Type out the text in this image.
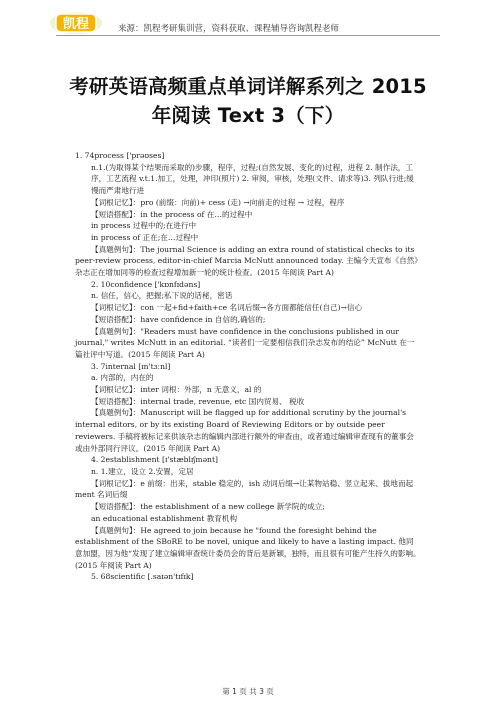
凯程	来源：凯程考研集训营，资料获取、课程辅导咨询凯程老师
考研英语高频重点单词详解系列之 2015
年阅读 Text 3（下）

1. 74process ['prəʊses]

n.1.(为取得某个结果而采取的)步骤，程序，过程;(自然发展、变化的)过程，进程 2. 制作法，工序，工艺流程 v.t.1.加工，处理，冲印(照片) 2. 审阅，审核，处理(文件、请求等)3. 列队行进;缓慢而严肃地行进

【词根记忆】：pro (前缀：向前)+ cess (走) →向前走的过程 → 过程，程序

【短语搭配】：in the process of 在…的过程中

in process 过程中的;在进行中

in process of 正在;在…过程中

【真题例句】：The journal Science is adding an extra round of statistical checks to its peer-review process, editor-in-chief Marcia McNutt announced today. 主编今天宣布《自然》杂志正在增加同等的检查过程增加新一轮的统计检查。(2015 年阅读 Part A)

2. 10confidence ['kɒnfɪdəns]

n. 信任，信心，把握;私下说的话秘，密话

【词根记忆】：con 一起+fid+faith+ce 名词后缀→各方面都能信任(自己)→信心

【短语搭配】：have confidence in 自信的,确信的;

【真题例句】："Readers must have confidence in the conclusions published in our journal," writes McNutt in an editorial. “读者们一定要相信我们杂志发布的结论” McNutt 在一篇社评中写道。(2015 年阅读 Part A)

3. 7internal [ɪn'tɜːnl]

a. 内部的，内在的

【词根记忆】：inter 词根：外部，n 无意义，al 的

【短语搭配】：internal trade, revenue, etc 国内贸易、 税收

【真题例句】：Manuscript will be flagged up for additional scrutiny by the journal's internal editors, or by its existing Board of Reviewing Editors or by outside peer reviewers. 手稿将被标记来供该杂志的编辑内部进行额外的审查由，或者通过编辑审查现有的董事会或由外部同行评议。(2015 年阅读 Part A)

4. 2establishment [ɪ'stæblɪʃmənt]

n. 1.建立，设立 2.安置，定居

【词根记忆】：e 前缀：出来，stable 稳定的，ish 动词后缀→让某物站稳、竖立起来、拔地而起 ment 名词后缀

【短语搭配】：the establishment of a new college 新学院的成立;

an educational establishment 教育机构

【真题例句】：He agreed to join because he "found the foresight behind the establishment of the SBoRE to be novel, unique and likely to have a lasting impact. 他同意加盟，因为他“发现了建立编辑审查统计委员会的背后是新颖，独特，而且很有可能产生持久的影响。(2015 年阅读 Part A)

5. 68scientific [.saɪən'tɪfɪk]

第 1 页 共 3 页
